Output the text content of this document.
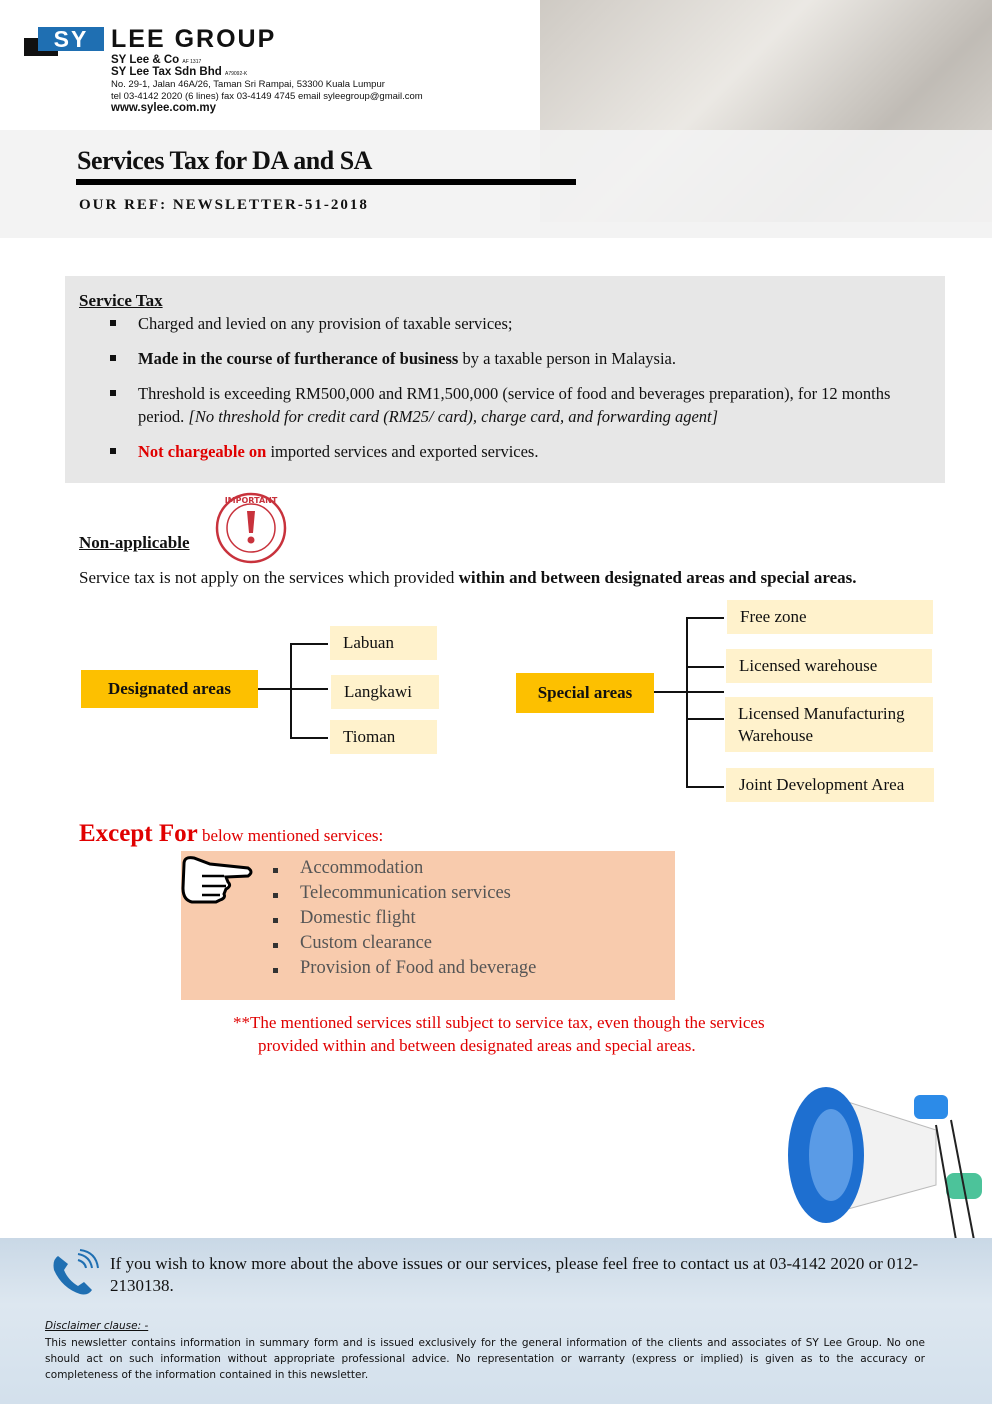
SY LEE GROUP
SY Lee & Co AF 1317
SY Lee Tax Sdn Bhd A79092-K
No. 29-1, Jalan 46A/26, Taman Sri Rampai, 53300 Kuala Lumpur
tel 03-4142 2020 (6 lines) fax 03-4149 4745 email syleegroup@gmail.com
www.sylee.com.my
Services Tax for DA and SA
OUR REF: NEWSLETTER-51-2018
Service Tax
Charged and levied on any provision of taxable services;
Made in the course of furtherance of business by a taxable person in Malaysia.
Threshold is exceeding RM500,000 and RM1,500,000 (service of food and beverages preparation), for 12 months period. [No threshold for credit card (RM25/ card), charge card, and forwarding agent]
Not chargeable on imported services and exported services.
Non-applicable
IMPORTANT
Service tax is not apply on the services which provided within and between designated areas and special areas.
Designated areas
Labuan
Langkawi
Tioman
Special areas
Free zone
Licensed warehouse
Licensed Manufacturing Warehouse
Joint Development Area
Except For below mentioned services:
Accommodation
Telecommunication services
Domestic flight
Custom clearance
Provision of Food and beverage
**The mentioned services still subject to service tax, even though the services
provided within and between designated areas and special areas.
If you wish to know more about the above issues or our services, please feel free to contact us at 03-4142 2020 or 012-2130138.
Disclaimer clause: -
This newsletter contains information in summary form and is issued exclusively for the general information of the clients and associates of SY Lee Group. No one should act on such information without appropriate professional advice. No representation or warranty (express or implied) is given as to the accuracy or completeness of the information contained in this newsletter.
